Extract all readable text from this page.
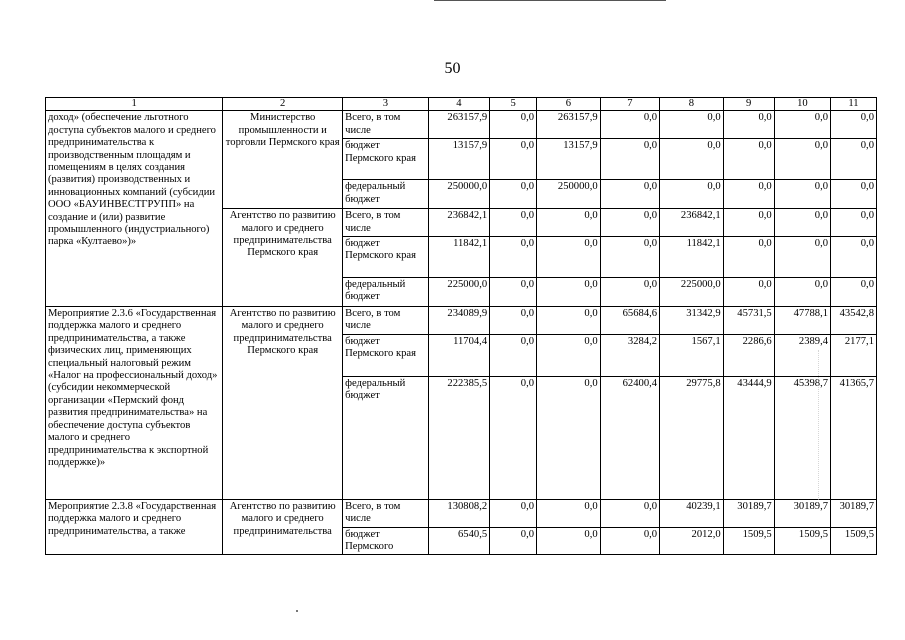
50
1	2	3	4	5	6	7	8	9	10	11
доход» (обеспечение льготного доступа субъектов малого и среднего предпринимательства к производственным площадям и помещениям в целях создания (развития) производственных и инновационных компаний (субсидии ООО «БАУИНВЕСТГРУПП» на создание и (или) развитие промышленного (индустриального) парка «Култаево»)»	Министерство промышленности и торговли Пермского края	Всего, в том числе	263157,9	0,0	263157,9	0,0	0,0	0,0	0,0	0,0
		бюджет Пермского края	13157,9	0,0	13157,9	0,0	0,0	0,0	0,0	0,0
		федеральный бюджет	250000,0	0,0	250000,0	0,0	0,0	0,0	0,0	0,0
	Агентство по развитию малого и среднего предпринимательства Пермского края	Всего, в том числе	236842,1	0,0	0,0	0,0	236842,1	0,0	0,0	0,0
		бюджет Пермского края	11842,1	0,0	0,0	0,0	11842,1	0,0	0,0	0,0
		федеральный бюджет	225000,0	0,0	0,0	0,0	225000,0	0,0	0,0	0,0
Мероприятие 2.3.6 «Государственная поддержка малого и среднего предпринимательства, а также физических лиц, применяющих специальный налоговый режим «Налог на профессиональный доход» (субсидии некоммерческой организации «Пермский фонд развития предпринимательства» на обеспечение доступа субъектов малого и среднего предпринимательства к экспортной поддержке)»	Агентство по развитию малого и среднего предпринимательства Пермского края	Всего, в том числе	234089,9	0,0	0,0	65684,6	31342,9	45731,5	47788,1	43542,8
		бюджет Пермского края	11704,4	0,0	0,0	3284,2	1567,1	2286,6	2389,4	2177,1
		федеральный бюджет	222385,5	0,0	0,0	62400,4	29775,8	43444,9	45398,7	41365,7
Мероприятие 2.3.8 «Государственная поддержка малого и среднего предпринимательства, а также	Агентство по развитию малого и среднего предпринимательства	Всего, в том числе	130808,2	0,0	0,0	0,0	40239,1	30189,7	30189,7	30189,7
		бюджет Пермского	6540,5	0,0	0,0	0,0	2012,0	1509,5	1509,5	1509,5
